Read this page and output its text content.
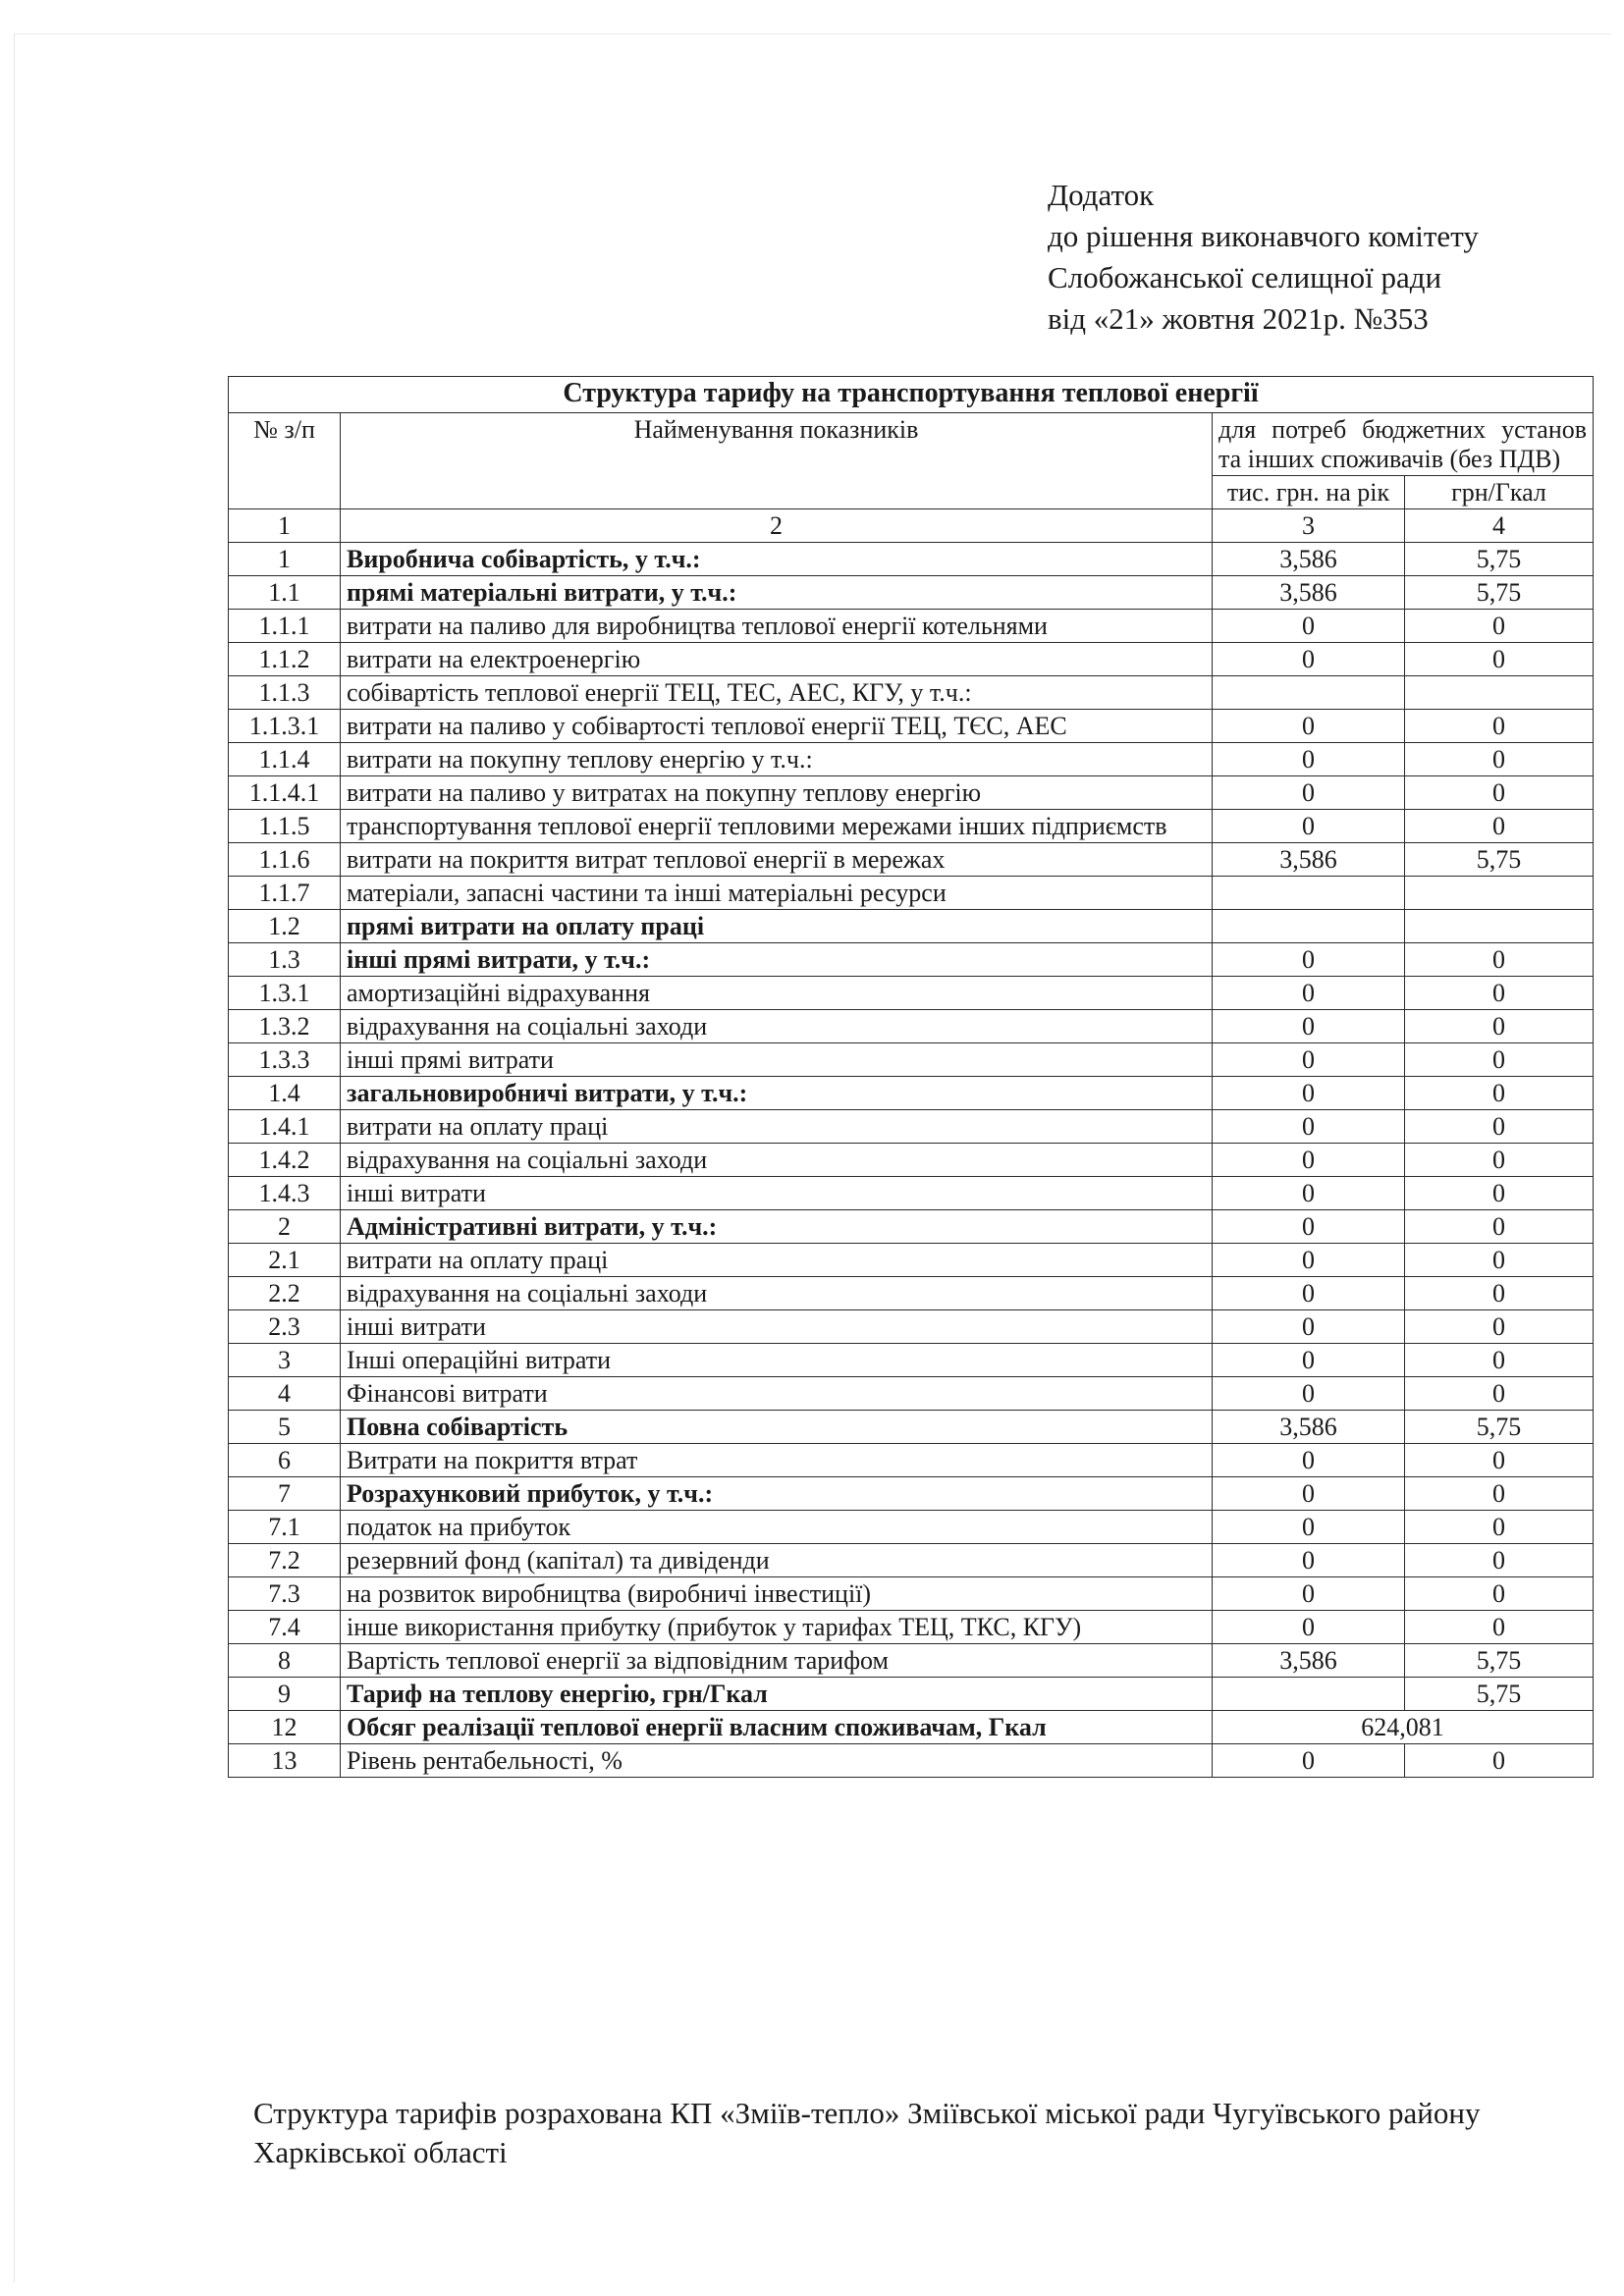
Додаток
до рішення виконавчого комітету
Слобожанської селищної ради
від «21» жовтня 2021р. №353
Структура тарифу на транспортування теплової енергії			
№ з/п	Найменування показників	для потреб бюджетних установ та інших споживачів (без ПДВ)	
		тис. грн. на рік	грн/Гкал
1	2	3	4
1	Виробнича собівартість, у т.ч.:	3,586	5,75
1.1	прямі матеріальні витрати, у т.ч.:	3,586	5,75
1.1.1	витрати на паливо для виробництва теплової енергії котельнями	0	0
1.1.2	витрати на електроенергію	0	0
1.1.3	собівартість теплової енергії ТЕЦ, ТЕС, АЕС, КГУ, у т.ч.:		
1.1.3.1	витрати на паливо у собівартості теплової енергії ТЕЦ, ТЄС, АЕС	0	0
1.1.4	витрати на покупну теплову енергію у т.ч.:	0	0
1.1.4.1	витрати на паливо у витратах на покупну теплову енергію	0	0
1.1.5	транспортування теплової енергії тепловими мережами інших підприємств	0	0
1.1.6	витрати на покриття витрат теплової енергії в мережах	3,586	5,75
1.1.7	матеріали, запасні частини та інші матеріальні ресурси		
1.2	прямі витрати на оплату праці		
1.3	інші прямі витрати, у т.ч.:	0	0
1.3.1	амортизаційні відрахування	0	0
1.3.2	відрахування на соціальні заходи	0	0
1.3.3	інші прямі витрати	0	0
1.4	загальновиробничі витрати, у т.ч.:	0	0
1.4.1	витрати на оплату праці	0	0
1.4.2	відрахування на соціальні заходи	0	0
1.4.3	інші витрати	0	0
2	Адміністративні витрати, у т.ч.:	0	0
2.1	витрати на оплату праці	0	0
2.2	відрахування на соціальні заходи	0	0
2.3	інші витрати	0	0
3	Інші операційні витрати	0	0
4	Фінансові витрати	0	0
5	Повна собівартість	3,586	5,75
6	Витрати на покриття втрат	0	0
7	Розрахунковий прибуток, у т.ч.:	0	0
7.1	податок на прибуток	0	0
7.2	резервний фонд (капітал) та дивіденди	0	0
7.3	на розвиток виробництва (виробничі інвестиції)	0	0
7.4	інше використання прибутку (прибуток у тарифах ТЕЦ, ТКС, КГУ)	0	0
8	Вартість теплової енергії за відповідним тарифом	3,586	5,75
9	Тариф на теплову енергію, грн/Гкал		5,75
12	Обсяг реалізації теплової енергії власним споживачам, Гкал	624,081	
13	Рівень рентабельності, %	0	0
Структура тарифів розрахована КП «Зміїв-тепло» Зміївської міської ради Чугуївського району Харківської області
